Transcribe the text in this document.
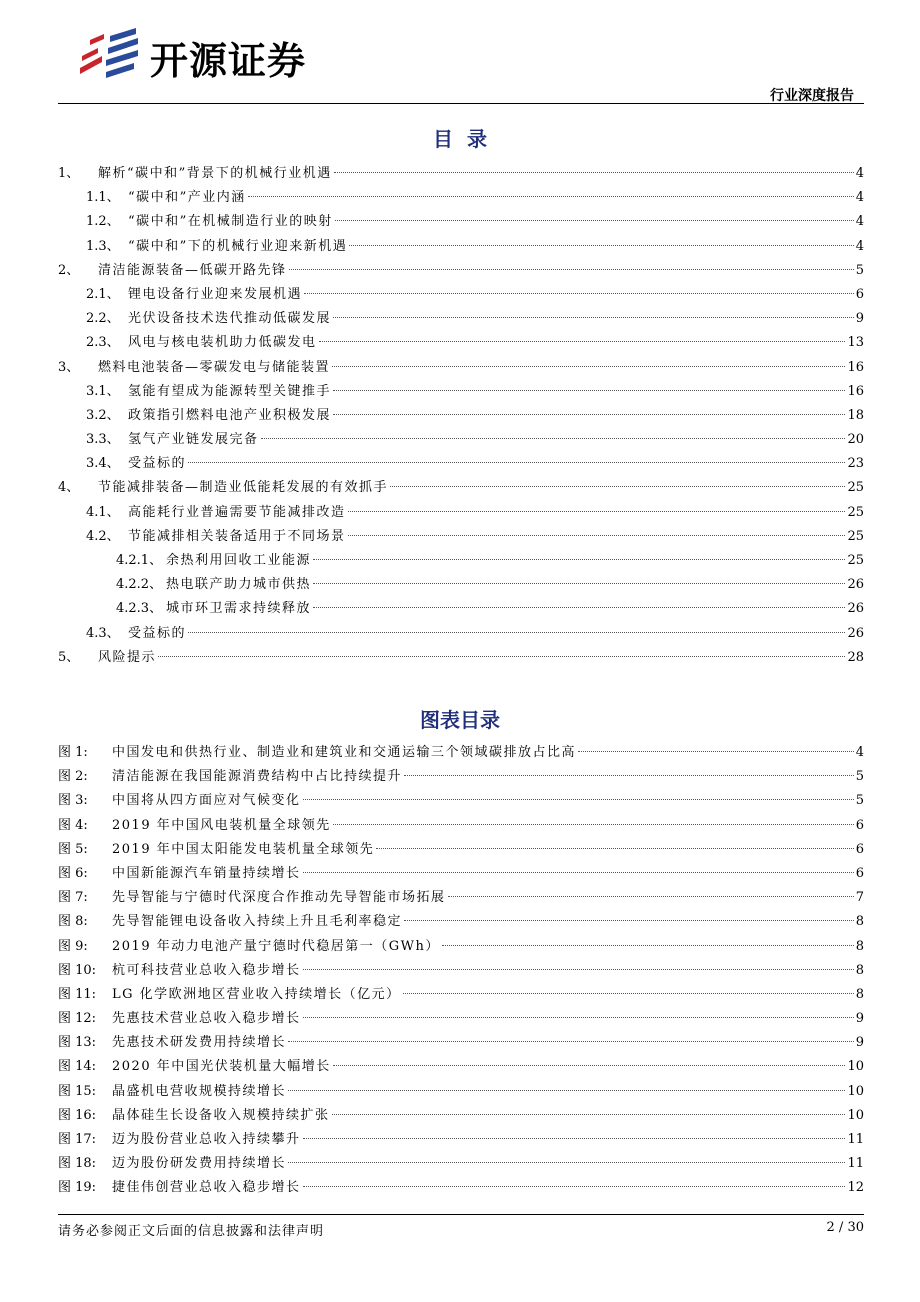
开源证券
行业深度报告
目  录
1、	解析“碳中和”背景下的机械行业机遇	4
1.1、 “碳中和”产业内涵	4
1.2、 “碳中和”在机械制造行业的映射	4
1.3、 “碳中和”下的机械行业迎来新机遇	4
2、	清洁能源装备—低碳开路先锋	5
2.1、 锂电设备行业迎来发展机遇	6
2.2、 光伏设备技术迭代推动低碳发展	9
2.3、 风电与核电装机助力低碳发电	13
3、	燃料电池装备—零碳发电与储能装置	16
3.1、 氢能有望成为能源转型关键推手	16
3.2、 政策指引燃料电池产业积极发展	18
3.3、 氢气产业链发展完备	20
3.4、 受益标的	23
4、	节能减排装备—制造业低能耗发展的有效抓手	25
4.1、 高能耗行业普遍需要节能减排改造	25
4.2、 节能减排相关装备适用于不同场景	25
4.2.1、 余热利用回收工业能源	25
4.2.2、 热电联产助力城市供热	26
4.2.3、 城市环卫需求持续释放	26
4.3、 受益标的	26
5、	风险提示	28
图表目录
图 1:	中国发电和供热行业、制造业和建筑业和交通运输三个领域碳排放占比高	4
图 2:	清洁能源在我国能源消费结构中占比持续提升	5
图 3:	中国将从四方面应对气候变化	5
图 4:	2019 年中国风电装机量全球领先	6
图 5:	2019 年中国太阳能发电装机量全球领先	6
图 6:	中国新能源汽车销量持续增长	6
图 7:	先导智能与宁德时代深度合作推动先导智能市场拓展	7
图 8:	先导智能锂电设备收入持续上升且毛利率稳定	8
图 9:	2019 年动力电池产量宁德时代稳居第一（GWh）	8
图 10:	杭可科技营业总收入稳步增长	8
图 11:	LG 化学欧洲地区营业收入持续增长（亿元）	8
图 12:	先惠技术营业总收入稳步增长	9
图 13:	先惠技术研发费用持续增长	9
图 14:	2020 年中国光伏装机量大幅增长	10
图 15:	晶盛机电营收规模持续增长	10
图 16:	晶体硅生长设备收入规模持续扩张	10
图 17:	迈为股份营业总收入持续攀升	11
图 18:	迈为股份研发费用持续增长	11
图 19:	捷佳伟创营业总收入稳步增长	12
请务必参阅正文后面的信息披露和法律声明	2 / 30
